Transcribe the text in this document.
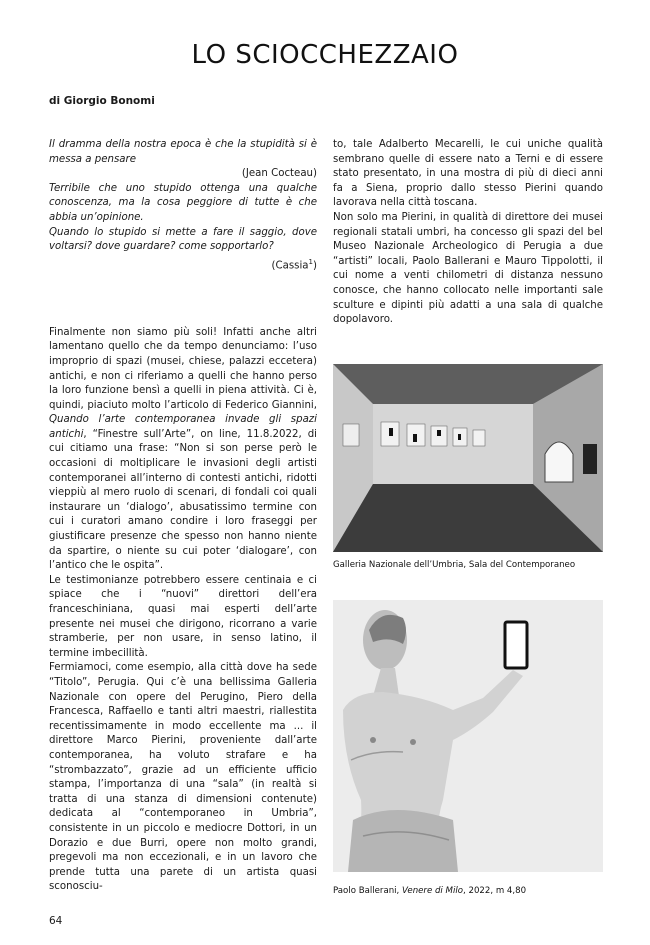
LO SCIOCCHEZZAIO
di Giorgio Bonomi

Il dramma della nostra epoca è che la stupidità si è messa a pensare

(Jean Cocteau)

Terribile che uno stupido ottenga una qualche conoscenza, ma la cosa peggiore di tutte è che abbia un’opinione.

Quando lo stupido si mette a fare il saggio, dove voltarsi? dove guardare? come sopportarlo?

(Cassia$^1$)

Finalmente non siamo più soli! Infatti anche altri lamentano quello che da tempo denunciamo: l’uso improprio di spazi (musei, chiese, palazzi eccetera) antichi, e non ci riferiamo a quelli che hanno perso la loro funzione bensì a quelli in piena attività. Ci è, quindi, piaciuto molto l’articolo di Federico Giannini, Quando l’arte contemporanea invade gli spazi antichi, “Finestre sull’Arte”, on line, 11.8.2022, di cui citiamo una frase: “Non si son perse però le occasioni di moltiplicare le invasioni degli artisti contemporanei all’interno di contesti antichi, ridotti vieppiù al mero ruolo di scenari, di fondali coi quali instaurare un ‘dialogo’, abusatissimo termine con cui i curatori amano condire i loro fraseggi per giustificare presenze che spesso non hanno niente da spartire, o niente su cui poter ‘dialogare’, con l’antico che le ospita”.

Le testimonianze potrebbero essere centinaia e ci spiace che i “nuovi” direttori dell’era franceschiniana, quasi mai esperti dell’arte presente nei musei che dirigono, ricorrano a varie stramberie, per non usare, in senso latino, il termine imbecillità.

Fermiamoci, come esempio, alla città dove ha sede “Titolo”, Perugia. Qui c’è una bellissima Galleria Nazionale con opere del Perugino, Piero della Francesca, Raffaello e tanti altri maestri, riallestita recentissimamente in modo eccellente ma ... il direttore Marco Pierini, proveniente dall’arte contemporanea, ha voluto strafare e ha “strombazzato”, grazie ad un efficiente ufficio stampa, l’importanza di una “sala” (in realtà si tratta di una stanza di dimensioni contenute) dedicata al “contemporaneo in Umbria”, consistente in un piccolo e mediocre Dottori, in un Dorazio e due Burri, opere non molto grandi, pregevoli ma non eccezionali, e in un lavoro che prende tutta una parete di un artista quasi sconosciu-

to, tale Adalberto Mecarelli, le cui uniche qualità sembrano quelle di essere nato a Terni e di essere stato presentato, in una mostra di più di dieci anni fa a Siena, proprio dallo stesso Pierini quando lavorava nella città toscana.

Non solo ma Pierini, in qualità di direttore dei musei regionali statali umbri, ha concesso gli spazi del bel Museo Nazionale Archeologico di Perugia a due “artisti” locali, Paolo Ballerani e Mauro Tippolotti, il cui nome a venti chilometri di distanza nessuno conosce, che hanno collocato nelle importanti sale sculture e dipinti più adatti a una sala di qualche dopolavoro.

Galleria Nazionale dell’Umbria, Sala del Contemporaneo
Paolo Ballerani, Venere di Milo, 2022, m 4,80
64
